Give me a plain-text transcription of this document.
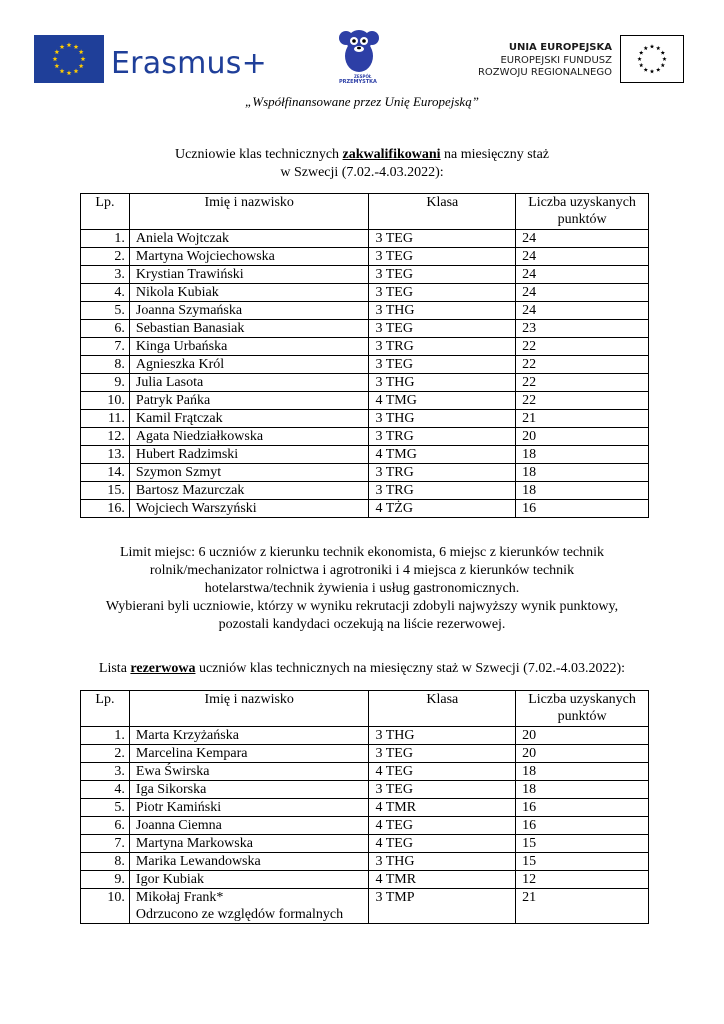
Erasmus+	ZESPÓŁ
PRZEMYSTKA
UNIA EUROPEJSKA
EUROPEJSKI FUNDUSZ
ROZWOJU REGIONALNEGO
„Współfinansowane przez Unię Europejską”
Uczniowie klas technicznych zakwalifikowani na miesięczny staż
w Szwecji (7.02.-4.03.2022):
Lp.	Imię i nazwisko	Klasa	Liczba uzyskanych punktów
1.	Aniela Wojtczak	3 TEG	24
2.	Martyna Wojciechowska	3 TEG	24
3.	Krystian Trawiński	3 TEG	24
4.	Nikola Kubiak	3 TEG	24
5.	Joanna Szymańska	3 THG	24
6.	Sebastian Banasiak	3 TEG	23
7.	Kinga Urbańska	3 TRG	22
8.	Agnieszka Król	3 TEG	22
9.	Julia Lasota	3 THG	22
10.	Patryk Pańka	4 TMG	22
11.	Kamil Frątczak	3 THG	21
12.	Agata Niedziałkowska	3 TRG	20
13.	Hubert Radzimski	4 TMG	18
14.	Szymon Szmyt	3 TRG	18
15.	Bartosz Mazurczak	3 TRG	18
16.	Wojciech Warszyński	4 TŻG	16
Limit miejsc: 6 uczniów z kierunku technik ekonomista, 6 miejsc z kierunków technik
rolnik/mechanizator rolnictwa i agrotroniki i 4 miejsca z kierunków technik
hotelarstwa/technik żywienia i usług gastronomicznych.
Wybierani byli uczniowie, którzy w wyniku rekrutacji zdobyli najwyższy wynik punktowy,
pozostali kandydaci oczekują na liście rezerwowej.
Lista rezerwowa uczniów klas technicznych na miesięczny staż w Szwecji (7.02.-4.03.2022):
Lp.	Imię i nazwisko	Klasa	Liczba uzyskanych punktów
1.	Marta Krzyżańska	3 THG	20
2.	Marcelina Kempara	3 TEG	20
3.	Ewa Świrska	4 TEG	18
4.	Iga Sikorska	3 TEG	18
5.	Piotr Kamiński	4 TMR	16
6.	Joanna Ciemna	4 TEG	16
7.	Martyna Markowska	4 TEG	15
8.	Marika Lewandowska	3 THG	15
9.	Igor Kubiak	4 TMR	12
10.	Mikołaj Frank*
Odrzucono ze względów formalnych	3 TMP	21
